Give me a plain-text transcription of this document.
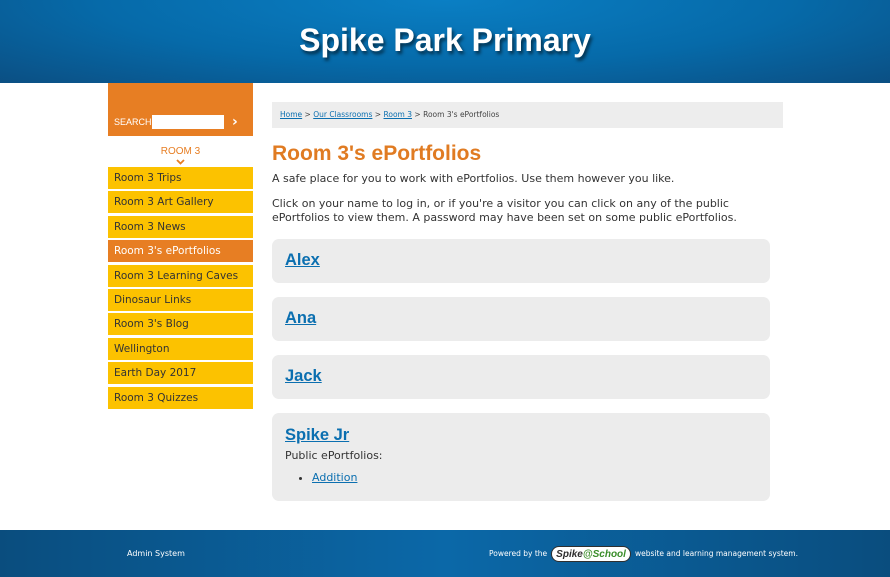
Spike Park Primary
SEARCH	›
ROOM 3
Room 3 Trips
Room 3 Art Gallery
Room 3 News
Room 3's ePortfolios
Room 3 Learning Caves
Dinosaur Links
Room 3's Blog
Wellington
Earth Day 2017
Room 3 Quizzes
Home > Our Classrooms > Room 3 > Room 3's ePortfolios
Room 3's ePortfolios

A safe place for you to work with ePortfolios. Use them however you like.

Click on your name to log in, or if you're a visitor you can click on any of the public ePortfolios to view them. A password may have been set on some public ePortfolios.

Alex
Ana
Jack
Spike Jr
Public ePortfolios:
• Addition
Admin System	Powered by the Spike@School	website and learning management system.
